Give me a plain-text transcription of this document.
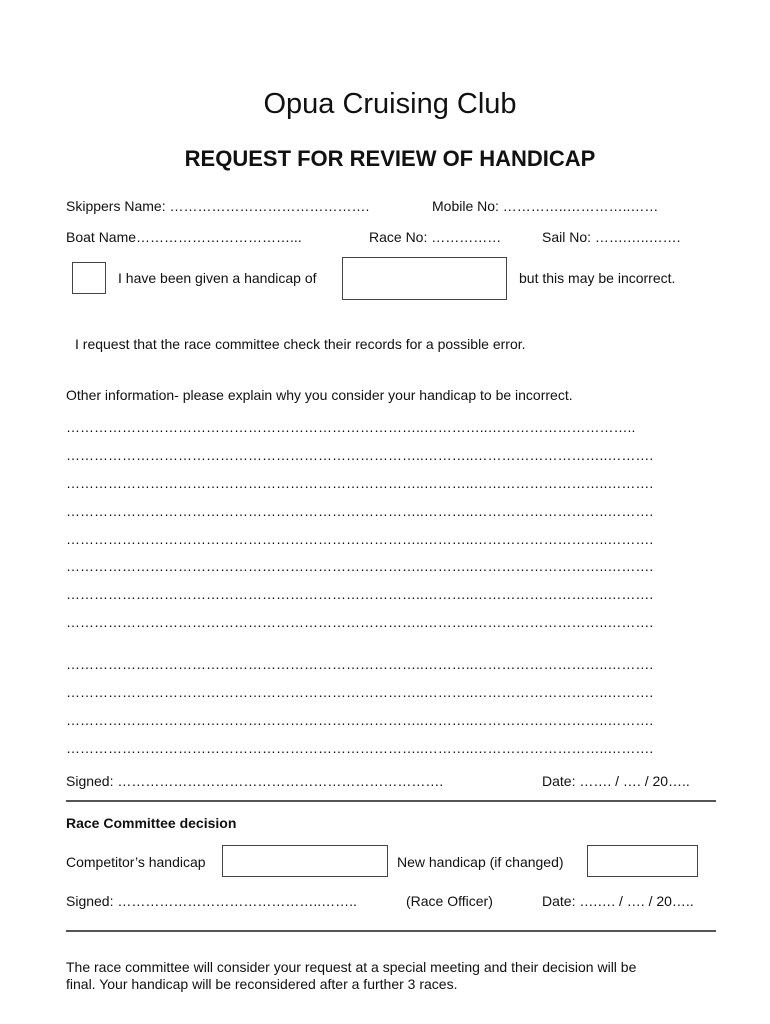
Opua Cruising Club
REQUEST FOR REVIEW OF HANDICAP
Skippers Name: …………………………………….	Mobile No: …………..…………..……
Boat Name……………………………...	Race No: ……………	Sail No: …….…..…….
I have been given a handicap of	but this may be incorrect.
I request that the race committee check their records for a possible error.
Other information- please explain why you consider your handicap to be incorrect.
…………………………………………………………………..…………..…………………………..
…………………………………………………………………..………..………………………..……….
…………………………………………………………………..………..………………………..……….
…………………………………………………………………..………..………………………..……….
…………………………………………………………………..………..………………………..……….
…………………………………………………………………..………..………………………..……….
…………………………………………………………………..………..………………………..……….
…………………………………………………………………..………..………………………..……….
…………………………………………………………………..………..………………………..……….
…………………………………………………………………..………..………………………..……….
…………………………………………………………………..………..………………………..……….
…………………………………………………………………..………..………………………..……….
Signed: …………………………………………………………….	Date: ……. / …. / 20…..
Race Committee decision
Competitor’s handicap	New handicap (if changed)
Signed: ……………………………………..……..	(Race Officer)	Date: ….…. / …. / 20…..
The race committee will consider your request at a special meeting and their decision will be
final. Your handicap will be reconsidered after a further 3 races.
